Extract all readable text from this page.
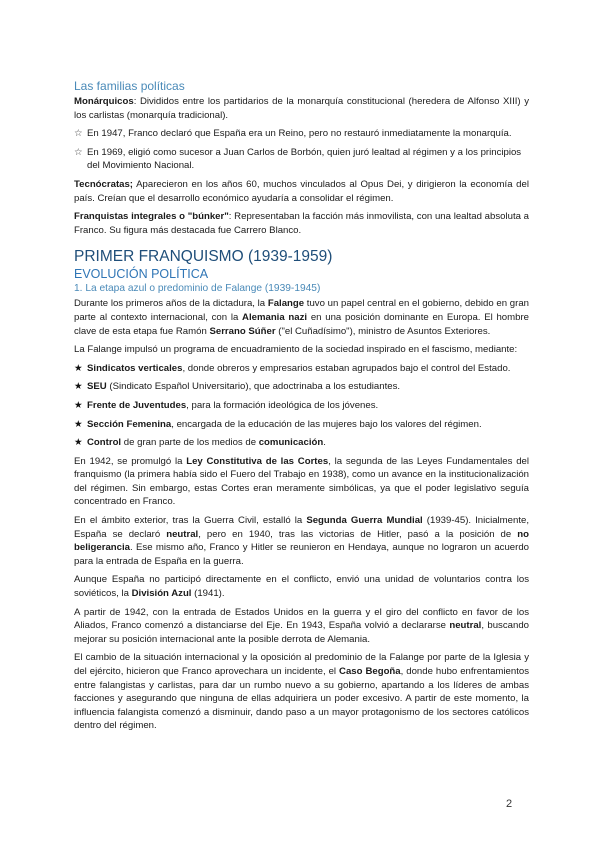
Las familias políticas

Monárquicos: Divididos entre los partidarios de la monarquía constitucional (heredera de Alfonso XIII) y los carlistas (monarquía tradicional).

☆ En 1947, Franco declaró que España era un Reino, pero no restauró inmediatamente la monarquía.
☆ En 1969, eligió como sucesor a Juan Carlos de Borbón, quien juró lealtad al régimen y a los principios del Movimiento Nacional.

Tecnócratas; Aparecieron en los años 60, muchos vinculados al Opus Dei, y dirigieron la economía del país. Creían que el desarrollo económico ayudaría a consolidar el régimen.

Franquistas integrales o "búnker": Representaban la facción más inmovilista, con una lealtad absoluta a Franco. Su figura más destacada fue Carrero Blanco.

PRIMER FRANQUISMO (1939-1959)
EVOLUCIÓN POLÍTICA
1. La etapa azul o predominio de Falange (1939-1945)

Durante los primeros años de la dictadura, la Falange tuvo un papel central en el gobierno, debido en gran parte al contexto internacional, con la Alemania nazi en una posición dominante en Europa. El hombre clave de esta etapa fue Ramón Serrano Súñer ("el Cuñadísimo"), ministro de Asuntos Exteriores.

La Falange impulsó un programa de encuadramiento de la sociedad inspirado en el fascismo, mediante:

★ Sindicatos verticales, donde obreros y empresarios estaban agrupados bajo el control del Estado.
★ SEU (Sindicato Español Universitario), que adoctrinaba a los estudiantes.
★ Frente de Juventudes, para la formación ideológica de los jóvenes.
★ Sección Femenina, encargada de la educación de las mujeres bajo los valores del régimen.
★ Control de gran parte de los medios de comunicación.

En 1942, se promulgó la Ley Constitutiva de las Cortes, la segunda de las Leyes Fundamentales del franquismo (la primera había sido el Fuero del Trabajo en 1938), como un avance en la institucionalización del régimen. Sin embargo, estas Cortes eran meramente simbólicas, ya que el poder legislativo seguía concentrado en Franco.

En el ámbito exterior, tras la Guerra Civil, estalló la Segunda Guerra Mundial (1939-45). Inicialmente, España se declaró neutral, pero en 1940, tras las victorias de Hitler, pasó a la posición de no beligerancia. Ese mismo año, Franco y Hitler se reunieron en Hendaya, aunque no lograron un acuerdo para la entrada de España en la guerra.

Aunque España no participó directamente en el conflicto, envió una unidad de voluntarios contra los soviéticos, la División Azul (1941).

A partir de 1942, con la entrada de Estados Unidos en la guerra y el giro del conflicto en favor de los Aliados, Franco comenzó a distanciarse del Eje. En 1943, España volvió a declararse neutral, buscando mejorar su posición internacional ante la posible derrota de Alemania.

El cambio de la situación internacional y la oposición al predominio de la Falange por parte de la Iglesia y del ejército, hicieron que Franco aprovechara un incidente, el Caso Begoña, donde hubo enfrentamientos entre falangistas y carlistas, para dar un rumbo nuevo a su gobierno, apartando a los líderes de ambas facciones y asegurando que ninguna de ellas adquiriera un poder excesivo. A partir de este momento, la influencia falangista comenzó a disminuir, dando paso a un mayor protagonismo de los sectores católicos dentro del régimen.

2
